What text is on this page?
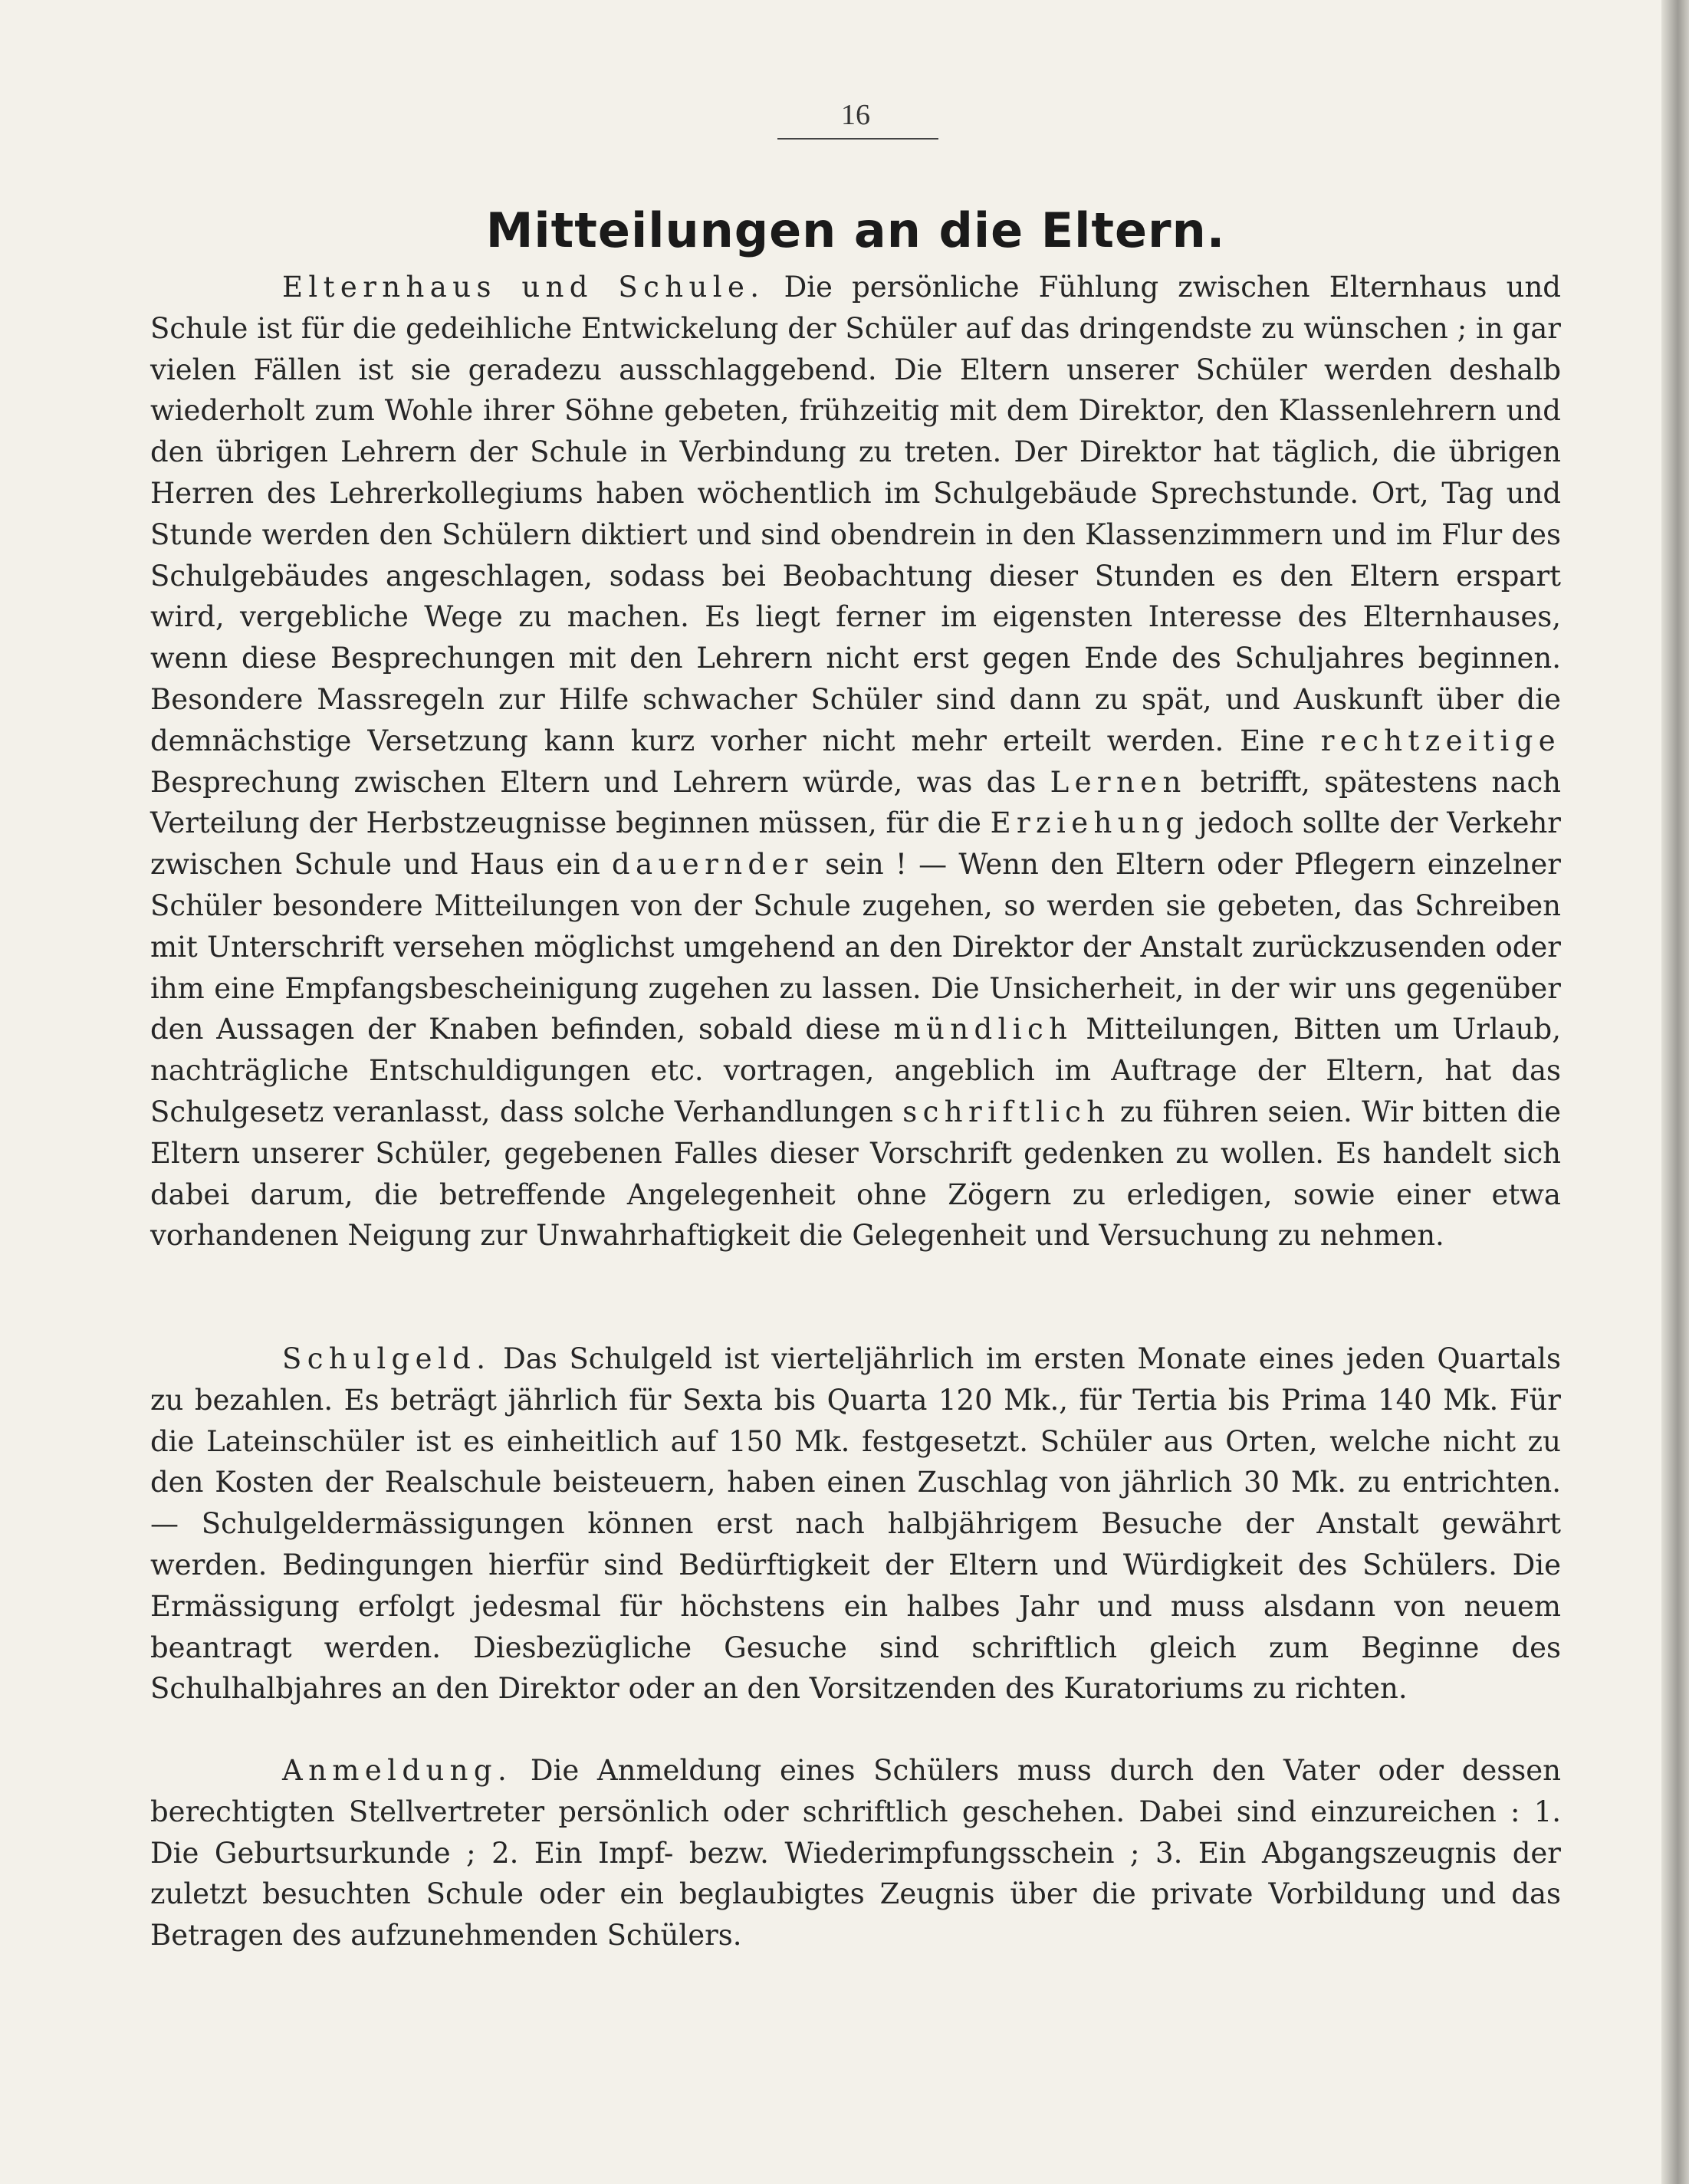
16
Mitteilungen an die Eltern.

Elternhaus und Schule. Die persönliche Fühlung zwischen Elternhaus und Schule ist für die gedeihliche Entwickelung der Schüler auf das dringendste zu wünschen ; in gar vielen Fällen ist sie geradezu ausschlaggebend. Die Eltern unserer Schüler werden deshalb wiederholt zum Wohle ihrer Söhne gebeten, frühzeitig mit dem Direktor, den Klassenlehrern und den übrigen Lehrern der Schule in Verbindung zu treten. Der Direktor hat täglich, die übrigen Herren des Lehrerkollegiums haben wöchentlich im Schulgebäude Sprechstunde. Ort, Tag und Stunde werden den Schülern diktiert und sind obendrein in den Klassenzimmern und im Flur des Schulgebäudes angeschlagen, sodass bei Beobachtung dieser Stunden es den Eltern erspart wird, vergebliche Wege zu machen. Es liegt ferner im eigensten Interesse des Elternhauses, wenn diese Besprechungen mit den Lehrern nicht erst gegen Ende des Schuljahres beginnen. Besondere Massregeln zur Hilfe schwacher Schüler sind dann zu spät, und Auskunft über die demnächstige Versetzung kann kurz vorher nicht mehr erteilt werden. Eine rechtzeitige Besprechung zwischen Eltern und Lehrern würde, was das Lernen betrifft, spätestens nach Verteilung der Herbstzeugnisse beginnen müssen, für die Erziehung jedoch sollte der Verkehr zwischen Schule und Haus ein dauernder sein ! — Wenn den Eltern oder Pflegern einzelner Schüler besondere Mitteilungen von der Schule zugehen, so werden sie gebeten, das Schreiben mit Unterschrift versehen möglichst umgehend an den Direktor der Anstalt zurückzusenden oder ihm eine Empfangsbescheinigung zugehen zu lassen. Die Unsicherheit, in der wir uns gegenüber den Aussagen der Knaben befinden, sobald diese mündlich Mitteilungen, Bitten um Urlaub, nachträgliche Entschuldigungen etc. vortragen, angeblich im Auftrage der Eltern, hat das Schulgesetz veranlasst, dass solche Verhandlungen schriftlich zu führen seien. Wir bitten die Eltern unserer Schüler, gegebenen Falles dieser Vorschrift gedenken zu wollen. Es handelt sich dabei darum, die betreffende Angelegenheit ohne Zögern zu erledigen, sowie einer etwa vorhandenen Neigung zur Unwahrhaftigkeit die Gelegenheit und Versuchung zu nehmen.

Schulgeld. Das Schulgeld ist vierteljährlich im ersten Monate eines jeden Quartals zu bezahlen. Es beträgt jährlich für Sexta bis Quarta 120 Mk., für Tertia bis Prima 140 Mk. Für die Lateinschüler ist es einheitlich auf 150 Mk. festgesetzt. Schüler aus Orten, welche nicht zu den Kosten der Realschule beisteuern, haben einen Zuschlag von jährlich 30 Mk. zu entrichten. — Schulgeldermässigungen können erst nach halbjährigem Besuche der Anstalt gewährt werden. Bedingungen hierfür sind Bedürftigkeit der Eltern und Würdigkeit des Schülers. Die Ermässigung erfolgt jedesmal für höchstens ein halbes Jahr und muss alsdann von neuem beantragt werden. Diesbezügliche Gesuche sind schriftlich gleich zum Beginne des Schulhalbjahres an den Direktor oder an den Vorsitzenden des Kuratoriums zu richten.

Anmeldung. Die Anmeldung eines Schülers muss durch den Vater oder dessen berechtigten Stellvertreter persönlich oder schriftlich geschehen. Dabei sind einzureichen : 1. Die Geburtsurkunde ; 2. Ein Impf- bezw. Wiederimpfungsschein ; 3. Ein Abgangszeugnis der zuletzt besuchten Schule oder ein beglaubigtes Zeugnis über die private Vorbildung und das Betragen des aufzunehmenden Schülers.
